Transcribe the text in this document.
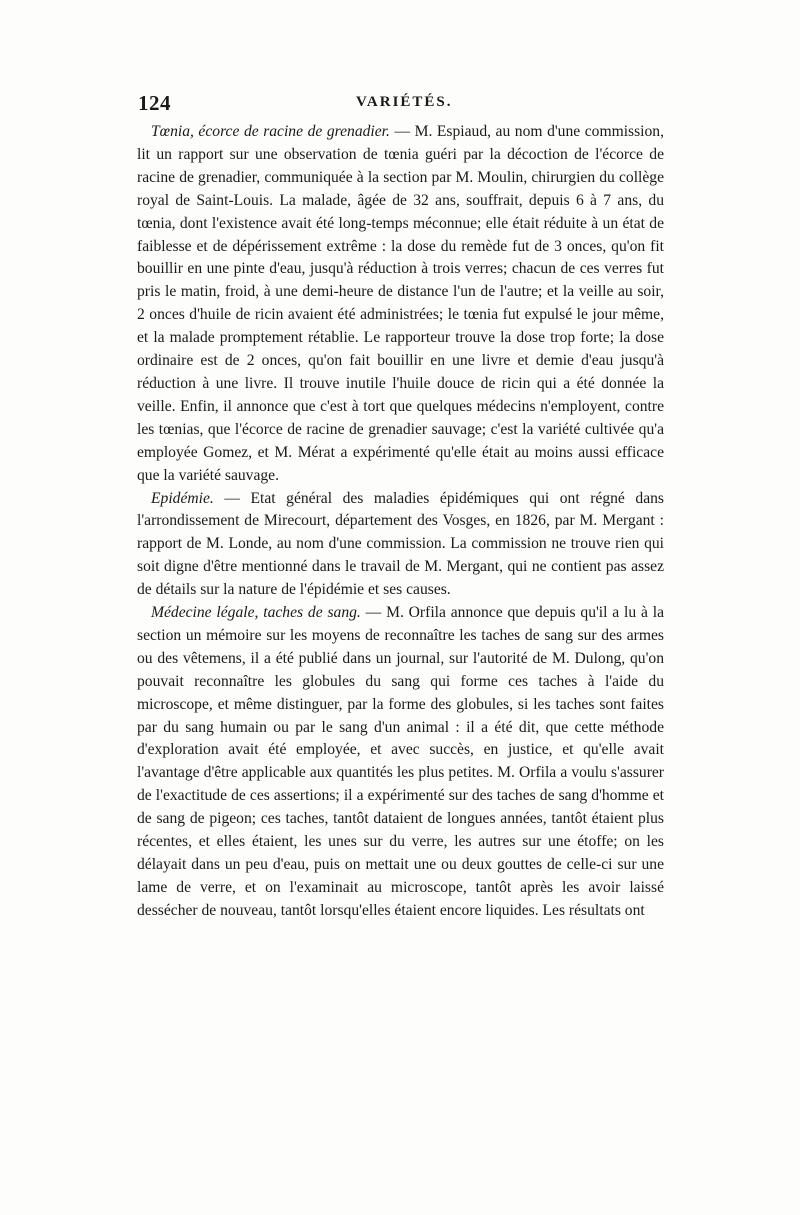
124	VARIÉTÉS.

Tœnia, écorce de racine de grenadier. — M. Espiaud, au nom d'une commission, lit un rapport sur une observation de tœnia guéri par la décoction de l'écorce de racine de grenadier, communiquée à la section par M. Moulin, chirurgien du collège royal de Saint-Louis. La malade, âgée de 32 ans, souffrait, depuis 6 à 7 ans, du tœnia, dont l'existence avait été long-temps méconnue; elle était réduite à un état de faiblesse et de dépérissement extrême : la dose du remède fut de 3 onces, qu'on fit bouillir en une pinte d'eau, jusqu'à réduction à trois verres; chacun de ces verres fut pris le matin, froid, à une demi-heure de distance l'un de l'autre; et la veille au soir, 2 onces d'huile de ricin avaient été administrées; le tœnia fut expulsé le jour même, et la malade promptement rétablie. Le rapporteur trouve la dose trop forte; la dose ordinaire est de 2 onces, qu'on fait bouillir en une livre et demie d'eau jusqu'à réduction à une livre. Il trouve inutile l'huile douce de ricin qui a été donnée la veille. Enfin, il annonce que c'est à tort que quelques médecins n'employent, contre les tœnias, que l'écorce de racine de grenadier sauvage; c'est la variété cultivée qu'a employée Gomez, et M. Mérat a expérimenté qu'elle était au moins aussi efficace que la variété sauvage.

Epidémie. — Etat général des maladies épidémiques qui ont régné dans l'arrondissement de Mirecourt, département des Vosges, en 1826, par M. Mergant : rapport de M. Londe, au nom d'une commission. La commission ne trouve rien qui soit digne d'être mentionné dans le travail de M. Mergant, qui ne contient pas assez de détails sur la nature de l'épidémie et ses causes.

Médecine légale, taches de sang. — M. Orfila annonce que depuis qu'il a lu à la section un mémoire sur les moyens de reconnaître les taches de sang sur des armes ou des vêtemens, il a été publié dans un journal, sur l'autorité de M. Dulong, qu'on pouvait reconnaître les globules du sang qui forme ces taches à l'aide du microscope, et même distinguer, par la forme des globules, si les taches sont faites par du sang humain ou par le sang d'un animal : il a été dit, que cette méthode d'exploration avait été employée, et avec succès, en justice, et qu'elle avait l'avantage d'être applicable aux quantités les plus petites. M. Orfila a voulu s'assurer de l'exactitude de ces assertions; il a expérimenté sur des taches de sang d'homme et de sang de pigeon; ces taches, tantôt dataient de longues années, tantôt étaient plus récentes, et elles étaient, les unes sur du verre, les autres sur une étoffe; on les délayait dans un peu d'eau, puis on mettait une ou deux gouttes de celle-ci sur une lame de verre, et on l'examinait au microscope, tantôt après les avoir laissé dessécher de nouveau, tantôt lorsqu'elles étaient encore liquides. Les résultats ont
